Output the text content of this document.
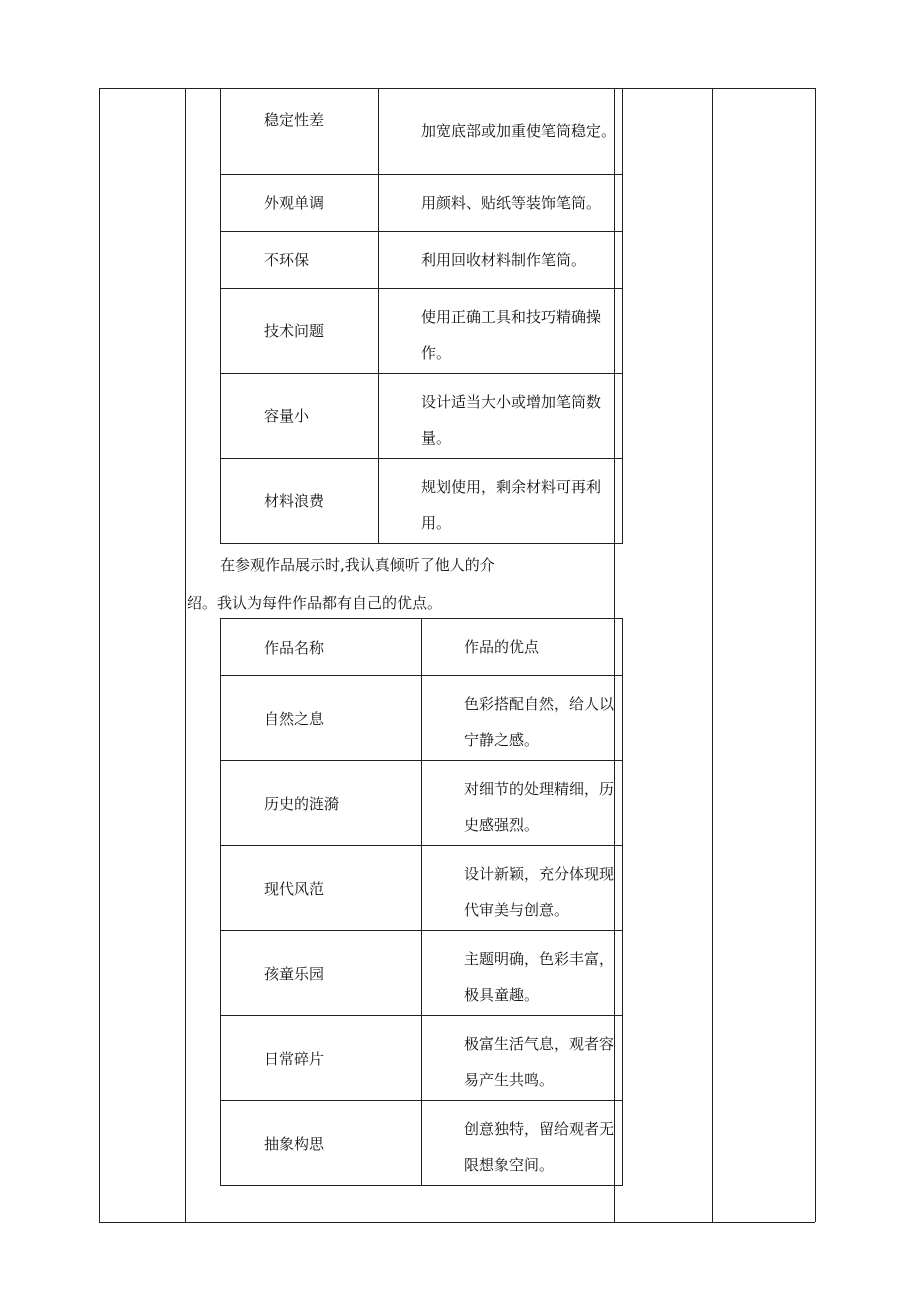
稳定性差	加宽底部或加重使笔筒稳定。
外观单调	用颜料、贴纸等装饰笔筒。
不环保	利用回收材料制作笔筒。
技术问题	使用正确工具和技巧精确操作。

容量小	设计适当大小或增加笔筒数量。

材料浪费	规划使用，剩余材料可再利用。
在参观作品展示时,我认真倾听了他人的介
绍。我认为每件作品都有自己的优点。
作品名称	作品的优点
自然之息	色彩搭配自然，给人以宁静之感。

历史的涟漪	对细节的处理精细，历史感强烈。

现代风范	设计新颖，充分体现现代审美与创意。

孩童乐园	主题明确，色彩丰富，极具童趣。

日常碎片	极富生活气息，观者容易产生共鸣。

抽象构思	创意独特，留给观者无限想象空间。
